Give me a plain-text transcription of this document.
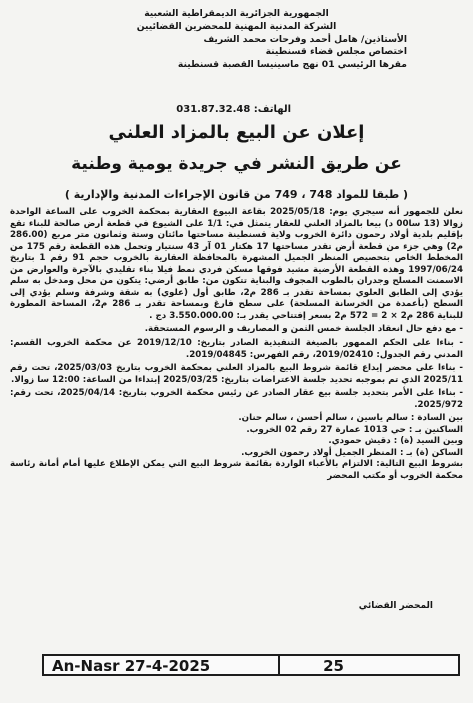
الجمهورية الجزائرية الديمقراطية الشعبية
الشركة المدنية المهنية للمحضرين القضائيين
الأستاذين/ هامل أحمد وفرحات محمد الشريف
اختصاص مجلس قضاء قسنطينة
مقرها الرئيسي 01 نهج ماسينيسا القصبة قسنطينة
الهاتف: 031.87.32.48
إعلان عن البيع بالمزاد العلني
عن طريق النشر في جريدة يومية وطنية
( طبقا للمواد 748 ، 749 من قانون الإجراءات المدنية والإدارية )
نعلن للجمهور أنه سيجري يوم: 2025/05/18 بقاعة البيوع العقارية بمحكمة الخروب على الساعة الواحدة زوالا (13 سا00 د) بيعا بالمزاد العلني للعقار يتمثل في: 1/1 على الشيوع في قطعة أرض صالحة للبناء تقع بإقليم بلدية أولاد رحمون دائرة الخروب ولاية قسنطينة مساحتها مائتان وستة وثمانون متر مربع (286.00 م2) وهي جزء من قطعة أرض تقدر مساحتها 17 هكتار 01 آر 43 سنتيار وتحمل هذه القطعة رقم 175 من المخطط الخاص بتحصيص المنظر الجميل المشهرة بالمحافظة العقارية بالخروب حجم 91 رقم 1 بتاريخ 1997/06/24 وهذه القطعة الأرضية مشيد فوقها مسكن فردي نمط فيلا بناء تقليدي بالآجرة والعوارض من الاسمنت المسلح وجدران بالطوب المجوف والبناية تتكون من: طابق أرضي: يتكون من محل ومدخل به سلم يؤدي إلى الطابق العلوي بمساحة تقدر بـ 286 م2، طابق أول (علوي) به شقة وشرفة وسلم يؤدي إلى السطح (بأعمدة من الخرسانة المسلحة) على سطح فارغ وبمساحة تقدر بـ 286 م2، المساحة المطورة للبناية 286 م2 × 2 = 572 م2 بسعر إفتتاحي يقدر بـ: 3.550.000.00 دج .
- مع دفع حال انعقاد الجلسة خمس الثمن و المصاريف و الرسوم المستحقة.
- بناءا على الحكم الممهور بالصيغة التنفيذية الصادر بتاريخ: 2019/12/10 عن محكمة الخروب القسم: المدني رقم الجدول: 2019/02410، رقم الفهرس: 2019/04845.
- بناءا على محضر إيداع قائمة شروط البيع بالمزاد العلني بمحكمة الخروب بتاريخ 2025/03/03، تحت رقم 2025/11 الذي تم بموجبه تحديد جلسة الاعتراضات بتاريخ: 2025/03/25 إبتداءا من الساعة: 12:00 سا زوالا.
- بناءا على الأمر بتحديد جلسة بيع عقار الصادر عن رئيس محكمة الخروب بتاريخ: 2025/04/14، تحت رقم: 2025/972.
بين السادة : سالم ياسين ، سالم أحسن ، سالم حنان.
الساكنين بـ : حي 1013 عمارة 27 رقم 02 الخروب.
وبين السيد (ة) : دقيش حمودي.
الساكن (ة) بـ : المنظر الجميل أولاد رحمون الخروب.
بشروط البيع التالية: الالتزام بالأعباء الواردة بقائمة شروط البيع التي يمكن الإطلاع عليها أمام أمانة رئاسة محكمة الخروب أو مكتب المحضر
المحضر القضائي
An-Nasr 27-4-2025	25
